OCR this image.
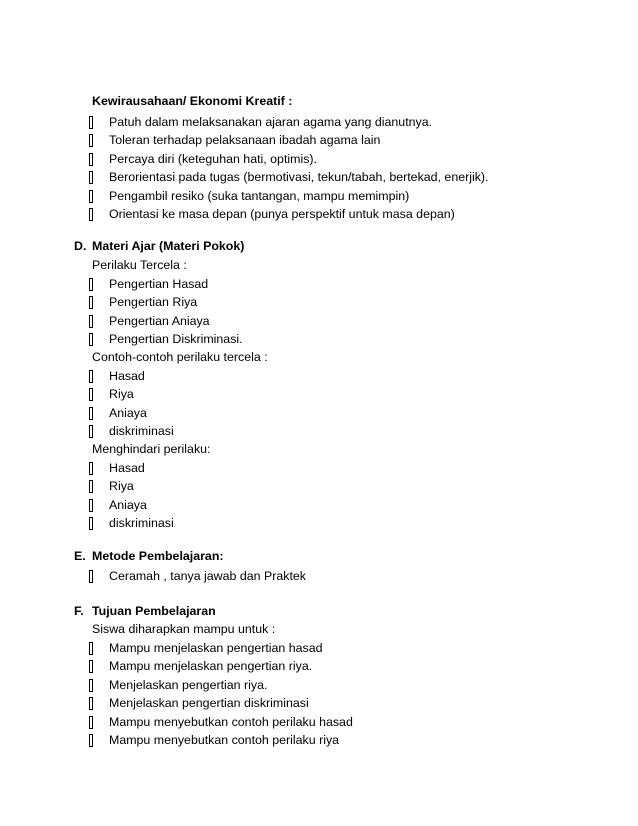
Kewirausahaan/ Ekonomi Kreatif :
Patuh dalam melaksanakan ajaran agama yang dianutnya.
Toleran terhadap pelaksanaan ibadah agama lain
Percaya diri (keteguhan hati, optimis).
Berorientasi pada tugas (bermotivasi, tekun/tabah, bertekad, enerjik).
Pengambil resiko (suka tantangan, mampu memimpin)
Orientasi ke masa depan (punya perspektif untuk masa depan)
D. Materi Ajar (Materi Pokok)
Perilaku Tercela :
Pengertian Hasad
Pengertian Riya
Pengertian Aniaya
Pengertian Diskriminasi.
Contoh-contoh perilaku tercela :
Hasad
Riya
Aniaya
diskriminasi
Menghindari perilaku:
Hasad
Riya
Aniaya
diskriminasi
E. Metode Pembelajaran:
Ceramah , tanya jawab dan Praktek
F. Tujuan Pembelajaran
Siswa diharapkan mampu untuk :
Mampu menjelaskan pengertian hasad
Mampu menjelaskan pengertian riya.
Menjelaskan pengertian riya.
Menjelaskan pengertian diskriminasi
Mampu menyebutkan contoh perilaku hasad
Mampu menyebutkan contoh perilaku riya
